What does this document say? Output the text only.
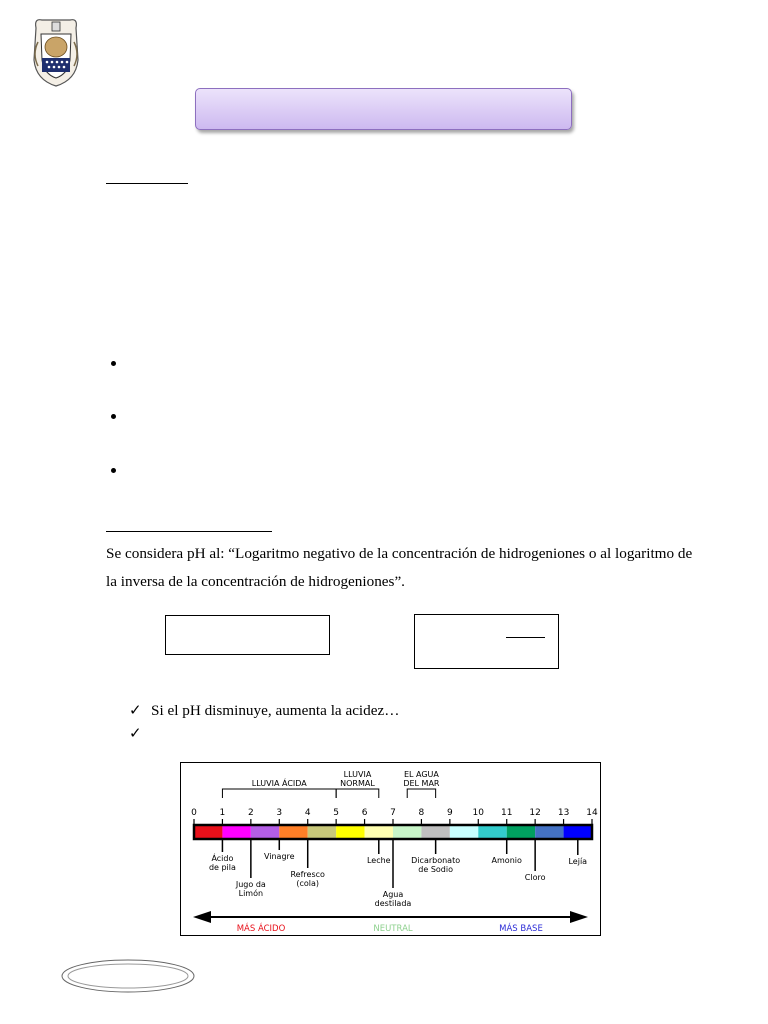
Se considera pH al: “Logaritmo negativo de la concentración de hidrogeniones o al logaritmo de
la inversa de la concentración de hidrogeniones”.
✓ Si el pH disminuye, aumenta la acidez…
✓
0	1	2	3	4	5	6	7	8	9 10 11 12 13 14
LLUVIA ÁCIDA
LLUVIA
NORMAL
EL AGUA
DEL MAR
Ácido
de pila
Jugo da
Limón
Vinagre
Refresco
(cola)
Leche
Agua
destilada
Dicarbonato
de Sodio
Amonio
Cloro
Lejía
MÁS ÁCIDO	NEUTRAL	MÁS BASE
